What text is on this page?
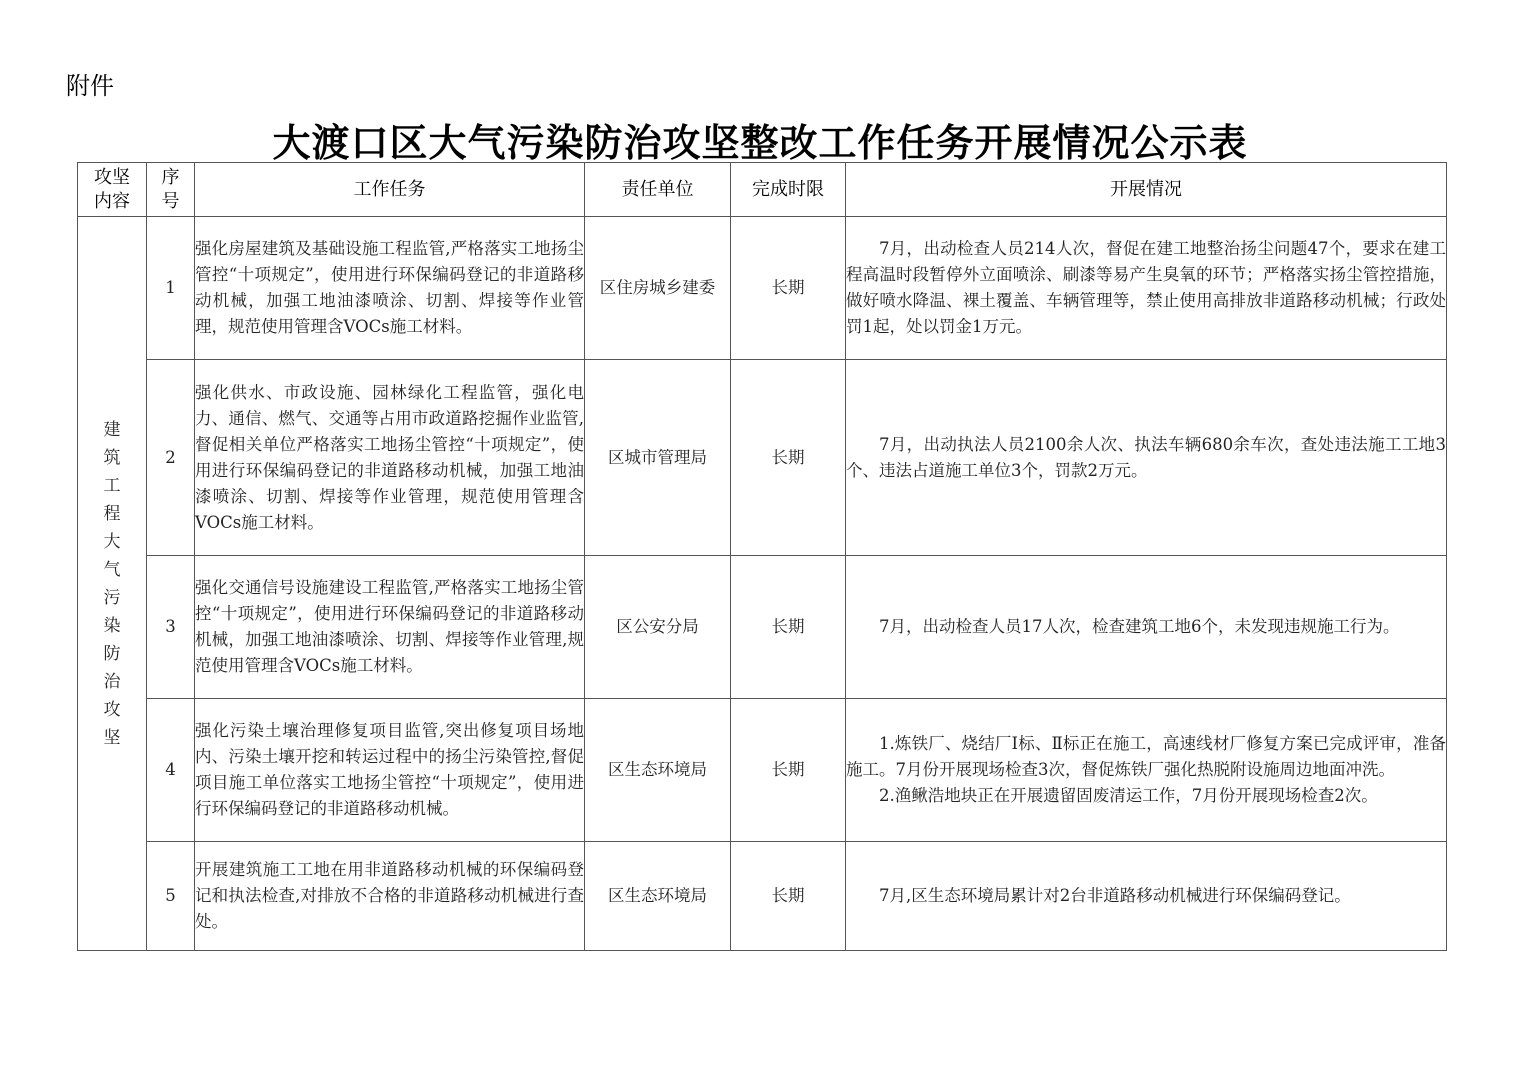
附件
大渡口区大气污染防治攻坚整改工作任务开展情况公示表
攻坚内容	序号	工作任务	责任单位	完成时限	开展情况
建筑工程大气污染防治攻坚	1	强化房屋建筑及基础设施工程监管,严格落实工地扬尘管控“十项规定”，使用进行环保编码登记的非道路移动机械，加强工地油漆喷涂、切割、焊接等作业管理，规范使用管理含VOCs施工材料。	区住房城乡建委	长期	7月，出动检查人员214人次，督促在建工地整治扬尘问题47个，要求在建工程高温时段暂停外立面喷涂、刷漆等易产生臭氧的环节；严格落实扬尘管控措施，做好喷水降温、裸土覆盖、车辆管理等，禁止使用高排放非道路移动机械；行政处罚1起，处以罚金1万元。

	2	强化供水、市政设施、园林绿化工程监管，强化电力、通信、燃气、交通等占用市政道路挖掘作业监管,督促相关单位严格落实工地扬尘管控“十项规定”，使用进行环保编码登记的非道路移动机械，加强工地油漆喷涂、切割、焊接等作业管理，规范使用管理含VOCs施工材料。	区城市管理局	长期	7月，出动执法人员2100余人次、执法车辆680余车次，查处违法施工工地3个、违法占道施工单位3个，罚款2万元。

	3	强化交通信号设施建设工程监管,严格落实工地扬尘管控“十项规定”，使用进行环保编码登记的非道路移动机械，加强工地油漆喷涂、切割、焊接等作业管理,规范使用管理含VOCs施工材料。	区公安分局	长期	7月，出动检查人员17人次，检查建筑工地6个，未发现违规施工行为。

	4	强化污染土壤治理修复项目监管,突出修复项目场地内、污染土壤开挖和转运过程中的扬尘污染管控,督促项目施工单位落实工地扬尘管控“十项规定”，使用进行环保编码登记的非道路移动机械。	区生态环境局	长期	1.炼铁厂、烧结厂Ⅰ标、Ⅱ标正在施工，高速线材厂修复方案已完成评审，准备施工。7月份开展现场检查3次，督促炼铁厂强化热脱附设施周边地面冲洗。

2.渔鳅浩地块正在开展遗留固废清运工作，7月份开展现场检查2次。

	5	开展建筑施工工地在用非道路移动机械的环保编码登记和执法检查,对排放不合格的非道路移动机械进行查处。	区生态环境局	长期	7月,区生态环境局累计对2台非道路移动机械进行环保编码登记。
